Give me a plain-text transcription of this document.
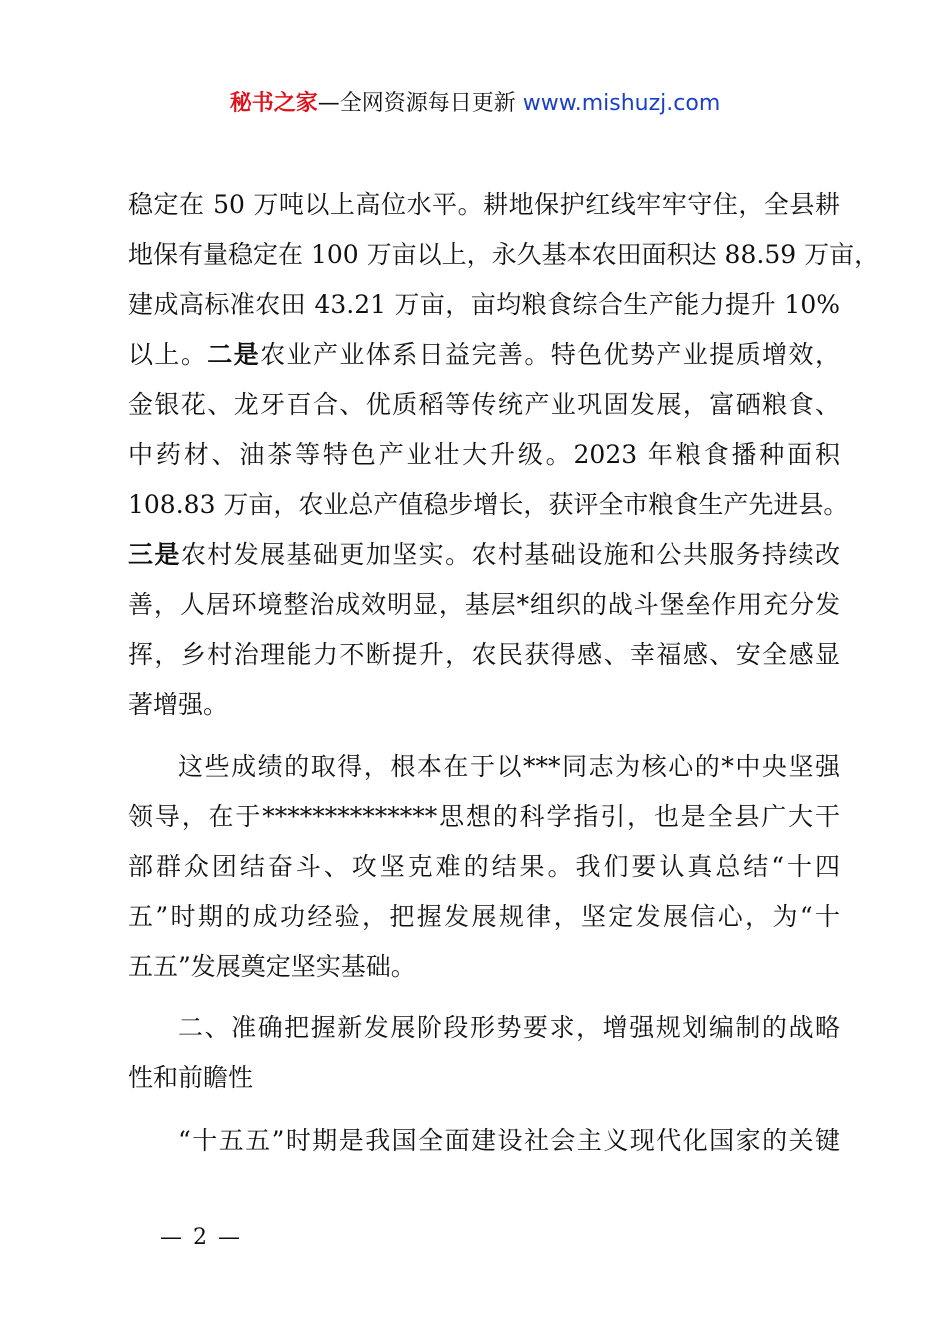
秘书之家—全网资源每日更新 www.mishuzj.com
稳定在 50 万吨以上高位水平。耕地保护红线牢牢守住，全县耕
地保有量稳定在 100 万亩以上，永久基本农田面积达 88.59 万亩，
建成高标准农田 43.21 万亩，亩均粮食综合生产能力提升 10%
以上。二是农业产业体系日益完善。特色优势产业提质增效，
金银花、龙牙百合、优质稻等传统产业巩固发展，富硒粮食、
中药材、油茶等特色产业壮大升级。2023 年粮食播种面积
108.83 万亩，农业总产值稳步增长，获评全市粮食生产先进县。
三是农村发展基础更加坚实。农村基础设施和公共服务持续改
善，人居环境整治成效明显，基层*组织的战斗堡垒作用充分发
挥，乡村治理能力不断提升，农民获得感、幸福感、安全感显
著增强。
这些成绩的取得，根本在于以***同志为核心的*中央坚强
领导，在于**************思想的科学指引，也是全县广大干
部群众团结奋斗、攻坚克难的结果。我们要认真总结“十四
五”时期的成功经验，把握发展规律，坚定发展信心，为“十
五五”发展奠定坚实基础。
二、准确把握新发展阶段形势要求，增强规划编制的战略
性和前瞻性
“十五五”时期是我国全面建设社会主义现代化国家的关键
— 2 —
